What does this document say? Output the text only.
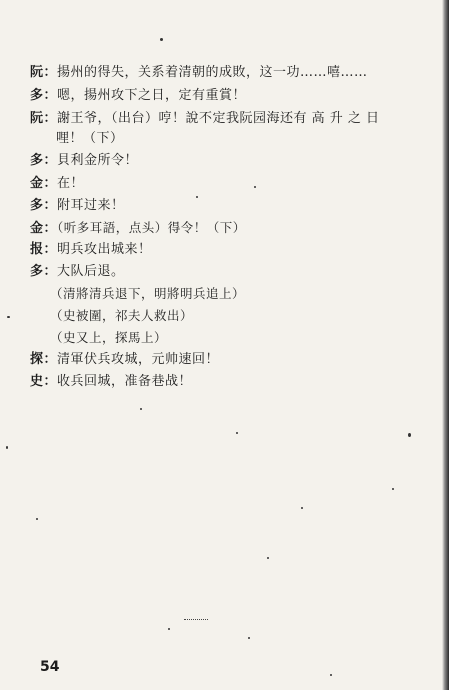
阮：揚州的得失，关系着清朝的成敗，这一功……嘻……
多：嗯，揚州攻下之日，定有重賞！
阮：謝王爷，（出台）哼！說不定我阮园海还有 高 升 之 日
哩！（下）
多：貝利金所令！
金：在！
多：附耳过来！
金：（听多耳語，点头）得令！（下）
报：明兵攻出城来！
多：大队后退。
（清將清兵退下，明將明兵追上）
（史被圍，祁夫人救出）
（史又上，探馬上）
探：清軍伏兵攻城，元帅速回！
史：收兵回城，准备巷战！
54
